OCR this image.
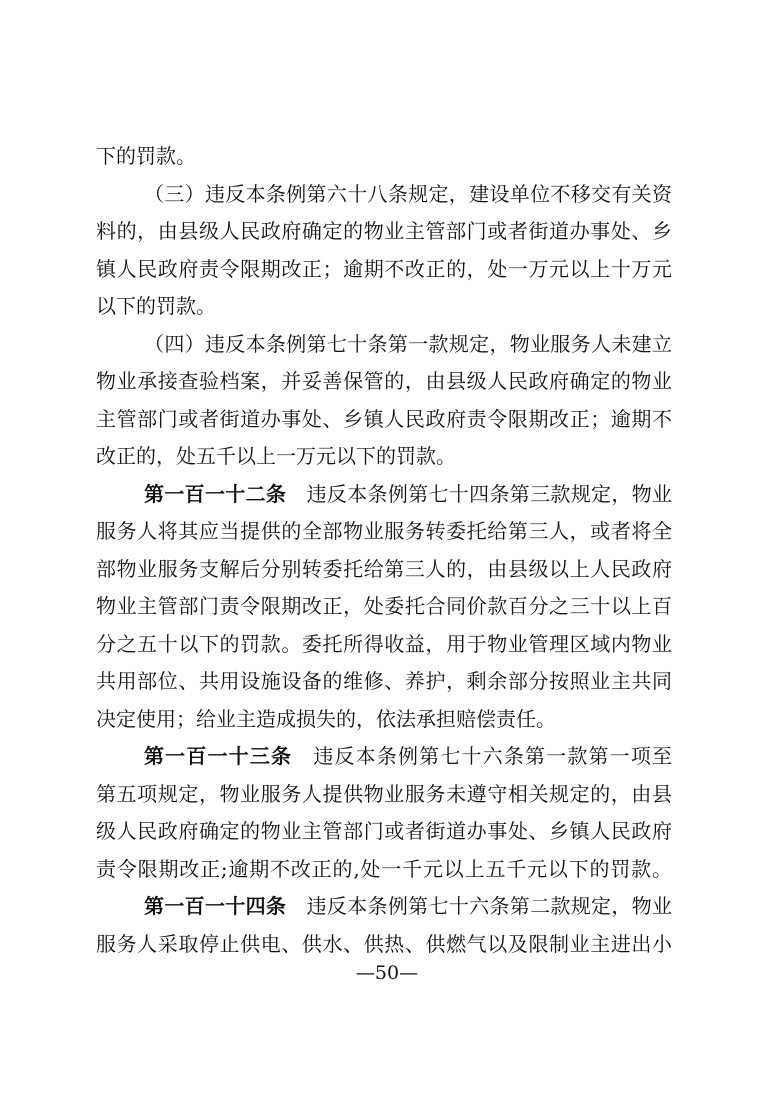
下的罚款。
（三）违反本条例第六十八条规定，建设单位不移交有关资
料的，由县级人民政府确定的物业主管部门或者街道办事处、乡
镇人民政府责令限期改正；逾期不改正的，处一万元以上十万元
以下的罚款。
（四）违反本条例第七十条第一款规定，物业服务人未建立
物业承接查验档案，并妥善保管的，由县级人民政府确定的物业
主管部门或者街道办事处、乡镇人民政府责令限期改正；逾期不
改正的，处五千以上一万元以下的罚款。
第一百一十二条 违反本条例第七十四条第三款规定，物业
服务人将其应当提供的全部物业服务转委托给第三人，或者将全
部物业服务支解后分别转委托给第三人的，由县级以上人民政府
物业主管部门责令限期改正，处委托合同价款百分之三十以上百
分之五十以下的罚款。委托所得收益，用于物业管理区域内物业
共用部位、共用设施设备的维修、养护，剩余部分按照业主共同
决定使用；给业主造成损失的，依法承担赔偿责任。
第一百一十三条 违反本条例第七十六条第一款第一项至
第五项规定，物业服务人提供物业服务未遵守相关规定的，由县
级人民政府确定的物业主管部门或者街道办事处、乡镇人民政府
责令限期改正;逾期不改正的,处一千元以上五千元以下的罚款。
第一百一十四条 违反本条例第七十六条第二款规定，物业
服务人采取停止供电、供水、供热、供燃气以及限制业主进出小
—50—
